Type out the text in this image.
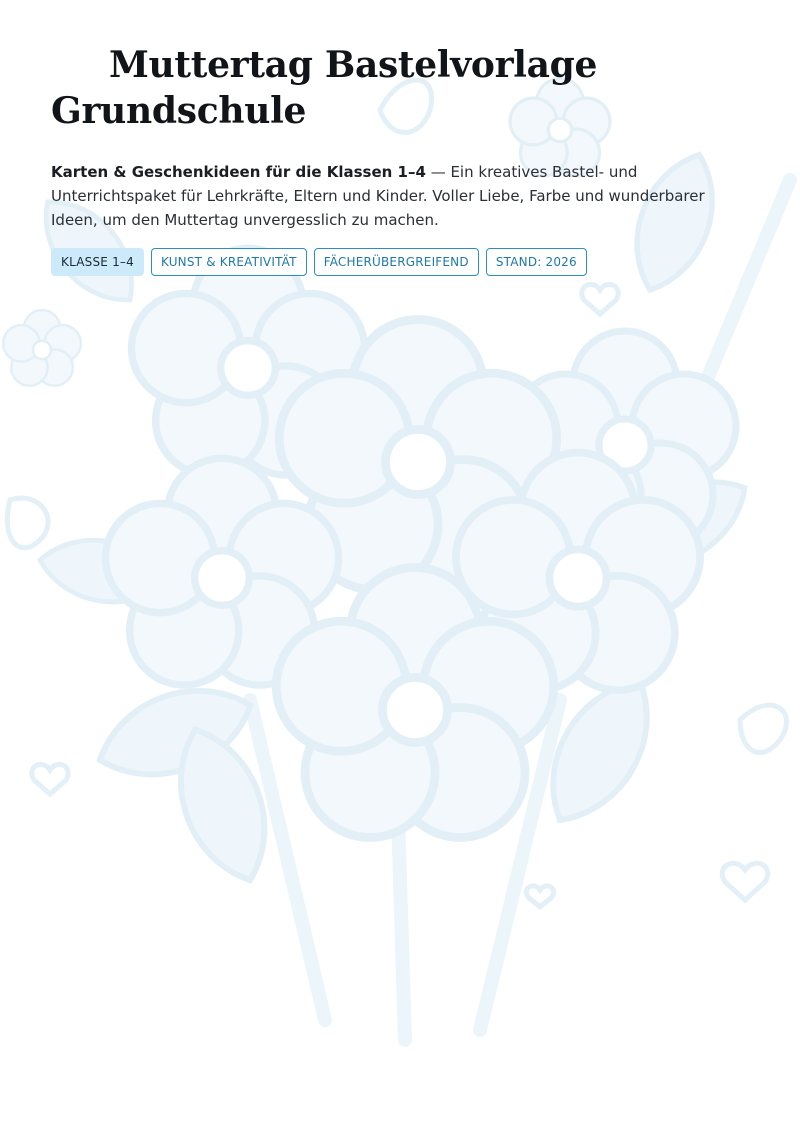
Muttertag Bastelvorlage Grundschule

Karten & Geschenkideen für die Klassen 1–4 — Ein kreatives Bastel- und Unterrichtspaket für Lehrkräfte, Eltern und Kinder. Voller Liebe, Farbe und wunderbarer Ideen, um den Muttertag unvergesslich zu machen.

KLASSE 1–4	KUNST & KREATIVITÄT	FÄCHERÜBERGREIFEND	STAND: 2026
